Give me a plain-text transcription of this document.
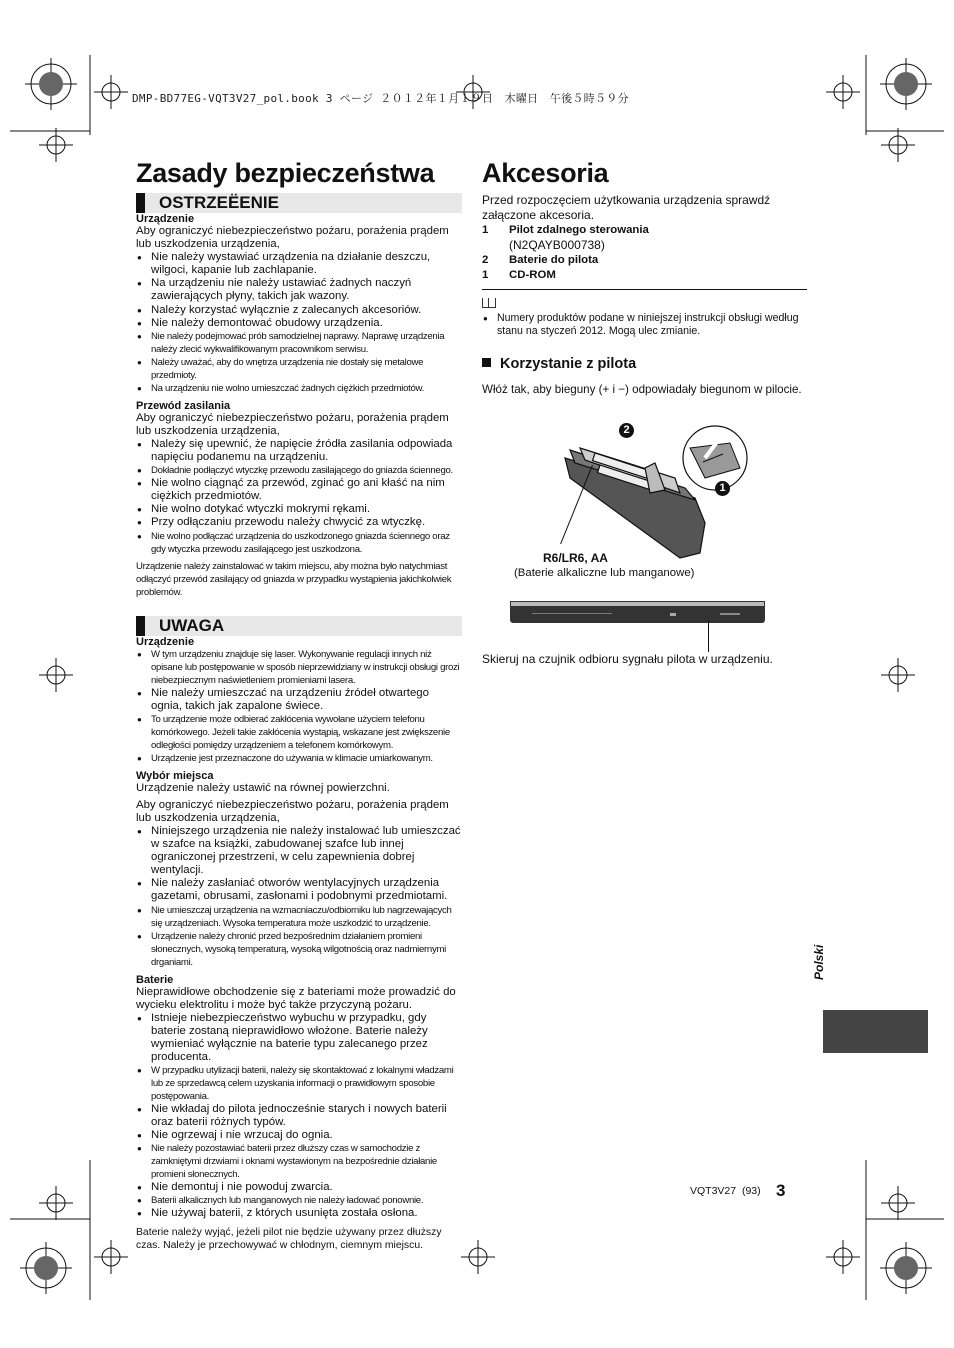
DMP-BD77EG-VQT3V27_pol.book 3 ページ ２０１２年１月１９日　木曜日　午後５時５９分
Zasady bezpieczeństwa
OSTRZEËENIE

Urządzenie

Aby ograniczyć niebezpieczeństwo pożaru, porażenia prądem lub uszkodzenia urządzenia,

● Nie należy wystawiać urządzenia na działanie deszczu, wilgoci, kapanie lub zachlapanie.
● Na urządzeniu nie należy ustawiać żadnych naczyń zawierających płyny, takich jak wazony.
● Należy korzystać wyłącznie z zalecanych akcesoriów.
● Nie należy demontować obudowy urządzenia.
● Nie należy podejmować prób samodzielnej naprawy. Naprawę urządzenia należy zlecić wykwalifikowanym pracownikom serwisu.
● Należy uważać, aby do wnętrza urządzenia nie dostały się metalowe przedmioty.
● Na urządzeniu nie wolno umieszczać żadnych ciężkich przedmiotów.

Przewód zasilania

Aby ograniczyć niebezpieczeństwo pożaru, porażenia prądem lub uszkodzenia urządzenia,

● Należy się upewnić, że napięcie źródła zasilania odpowiada napięciu podanemu na urządzeniu.
● Dokładnie podłączyć wtyczkę przewodu zasilającego do gniazda ściennego.
● Nie wolno ciągnąć za przewód, zginać go ani kłaść na nim ciężkich przedmiotów.
● Nie wolno dotykać wtyczki mokrymi rękami.
● Przy odłączaniu przewodu należy chwycić za wtyczkę.
● Nie wolno podłączać urządzenia do uszkodzonego gniazda ściennego oraz gdy wtyczka przewodu zasilającego jest uszkodzona.

Urządzenie należy zainstalować w takim miejscu, aby można było natychmiast odłączyć przewód zasilający od gniazda w przypadku wystąpienia jakichkolwiek problemów.

UWAGA

Urządzenie

● W tym urządzeniu znajduje się laser. Wykonywanie regulacji innych niż opisane lub postępowanie w sposób nieprzewidziany w instrukcji obsługi grozi niebezpiecznym naświetleniem promieniami lasera.
● Nie należy umieszczać na urządzeniu źródeł otwartego ognia, takich jak zapalone świece.
● To urządzenie może odbierać zakłócenia wywołane użyciem telefonu komórkowego. Jeżeli takie zakłócenia wystąpią, wskazane jest zwiększenie odległości pomiędzy urządzeniem a telefonem komórkowym.
● Urządzenie jest przeznaczone do używania w klimacie umiarkowanym.

Wybór miejsca

Urządzenie należy ustawić na równej powierzchni.

Aby ograniczyć niebezpieczeństwo pożaru, porażenia prądem lub uszkodzenia urządzenia,

● Niniejszego urządzenia nie należy instalować lub umieszczać w szafce na książki, zabudowanej szafce lub innej ograniczonej przestrzeni, w celu zapewnienia dobrej wentylacji.
● Nie należy zasłaniać otworów wentylacyjnych urządzenia gazetami, obrusami, zasłonami i podobnymi przedmiotami.
● Nie umieszczaj urządzenia na wzmacniaczu/odbiorniku lub nagrzewających się urządzeniach. Wysoka temperatura może uszkodzić to urządzenie.
● Urządzenie należy chronić przed bezpośrednim działaniem promieni słonecznych, wysoką temperaturą, wysoką wilgotnością oraz nadmiernymi drganiami.

Baterie

Nieprawidłowe obchodzenie się z bateriami może prowadzić do wycieku elektrolitu i może być także przyczyną pożaru.

● Istnieje niebezpieczeństwo wybuchu w przypadku, gdy baterie zostaną nieprawidłowo włożone. Baterie należy wymieniać wyłącznie na baterie typu zalecanego przez producenta.
● W przypadku utylizacji baterii, należy się skontaktować z lokalnymi władzami lub ze sprzedawcą celem uzyskania informacji o prawidłowym sposobie postępowania.
● Nie wkładaj do pilota jednocześnie starych i nowych baterii oraz baterii różnych typów.
● Nie ogrzewaj i nie wrzucaj do ognia.
● Nie należy pozostawiać baterii przez dłuższy czas w samochodzie z zamkniętymi drzwiami i oknami wystawionym na bezpośrednie działanie promieni słonecznych.
● Nie demontuj i nie powoduj zwarcia.
● Baterii alkalicznych lub manganowych nie należy ładować ponownie.
● Nie używaj baterii, z których usunięta została osłona.

Baterie należy wyjąć, jeżeli pilot nie będzie używany przez dłuższy czas. Należy je przechowywać w chłodnym, ciemnym miejscu.

Akcesoria

Przed rozpoczęciem użytkowania urządzenia sprawdź załączone akcesoria.

1	Pilot zdalnego sterowania
(N2QAYB000738)
2	Baterie do pilota
1	CD-ROM
● Numery produktów podane w niniejszej instrukcji obsługi według stanu na styczeń 2012. Mogą ulec zmianie.
Korzystanie z pilota

Włóż tak, aby bieguny (+ i −) odpowiadały biegunom w pilocie.

2
1
R6/LR6, AA
(Baterie alkaliczne lub manganowe)
Skieruj na czujnik odbioru sygnału pilota w urządzeniu.
Polski
VQT3V27 (93) 3
